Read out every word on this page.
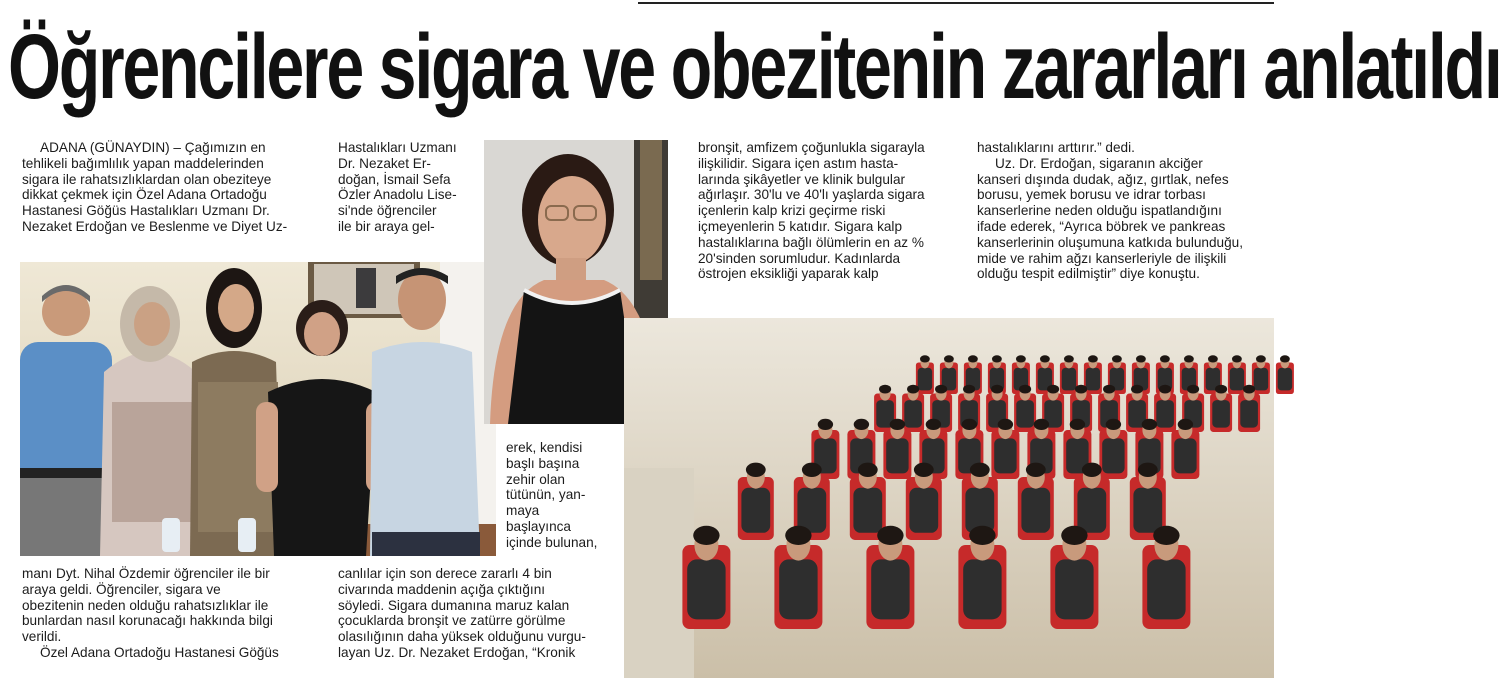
Öğrencilere sigara ve obezitenin zararları anlatıldı

ADANA (GÜNAYDIN) – Çağımızın en

tehlikeli bağımlılık yapan maddelerinden

sigara ile rahatsızlıklardan olan obeziteye

dikkat çekmek için Özel Adana Ortadoğu

Hastanesi Göğüs Hastalıkları Uzmanı Dr.

Nezaket Erdoğan ve Beslenme ve Diyet Uz-

Hastalıkları Uzmanı

Dr. Nezaket Er-

doğan, İsmail Sefa

Özler Anadolu Lise-

si'nde öğrenciler

ile bir araya gel-

erek, kendisi

başlı başına

zehir olan

tütünün, yan-

maya

başlayınca

içinde bulunan,

manı Dyt. Nihal Özdemir öğrenciler ile bir

araya geldi. Öğrenciler, sigara ve

obezitenin neden olduğu rahatsızlıklar ile

bunlardan nasıl korunacağı hakkında bilgi

verildi.

Özel Adana Ortadoğu Hastanesi Göğüs

canlılar için son derece zararlı 4 bin

civarında maddenin açığa çıktığını

söyledi. Sigara dumanına maruz kalan

çocuklarda bronşit ve zatürre görülme

olasılığının daha yüksek olduğunu vurgu-

layan Uz. Dr. Nezaket Erdoğan, “Kronik

bronşit, amfizem çoğunlukla sigarayla

ilişkilidir. Sigara içen astım hasta-

larında şikâyetler ve klinik bulgular

ağırlaşır. 30'lu ve 40'lı yaşlarda sigara

içenlerin kalp krizi geçirme riski

içmeyenlerin 5 katıdır. Sigara kalp

hastalıklarına bağlı ölümlerin en az %

20'sinden sorumludur. Kadınlarda

östrojen eksikliği yaparak kalp

hastalıklarını arttırır.” dedi.

Uz. Dr. Erdoğan, sigaranın akciğer

kanseri dışında dudak, ağız, gırtlak, nefes

borusu, yemek borusu ve idrar torbası

kanserlerine neden olduğu ispatlandığını

ifade ederek, “Ayrıca böbrek ve pankreas

kanserlerinin oluşumuna katkıda bulunduğu,

mide ve rahim ağzı kanserleriyle de ilişkili

olduğu tespit edilmiştir” diye konuştu.
